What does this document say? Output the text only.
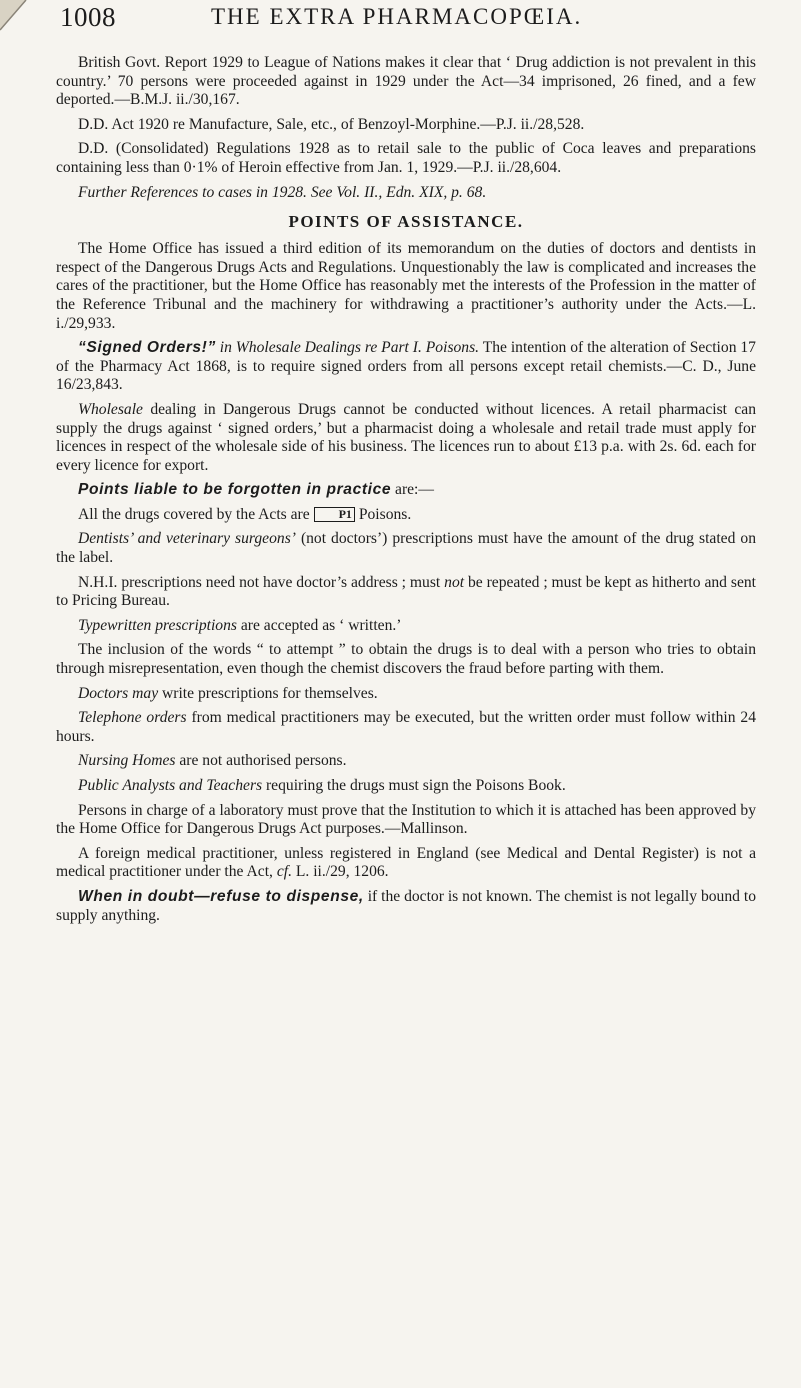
1008	THE EXTRA PHARMACOPŒIA.

British Govt. Report 1929 to League of Nations makes it clear that ‘ Drug addiction is not prevalent in this country.’ 70 persons were proceeded against in 1929 under the Act—34 imprisoned, 26 fined, and a few deported.—B.M.J. ii./30,167.

D.D. Act 1920 re Manufacture, Sale, etc., of Benzoyl-Morphine.—P.J. ii./28,528.

D.D. (Consolidated) Regulations 1928 as to retail sale to the public of Coca leaves and preparations containing less than 0·1% of Heroin effective from Jan. 1, 1929.—P.J. ii./28,604.

Further References to cases in 1928. See Vol. II., Edn. XIX, p. 68.

POINTS OF ASSISTANCE.

The Home Office has issued a third edition of its memorandum on the duties of doctors and dentists in respect of the Dangerous Drugs Acts and Regulations. Unquestionably the law is complicated and increases the cares of the practitioner, but the Home Office has reasonably met the interests of the Profession in the matter of the Reference Tribunal and the machinery for withdrawing a practitioner’s authority under the Acts.—L. i./29,933.

“Signed Orders!” in Wholesale Dealings re Part I. Poisons. The intention of the alteration of Section 17 of the Pharmacy Act 1868, is to require signed orders from all persons except retail chemists.—C. D., June 16/23,843.

Wholesale dealing in Dangerous Drugs cannot be conducted without licences. A retail pharmacist can supply the drugs against ‘ signed orders,’ but a pharmacist doing a wholesale and retail trade must apply for licences in respect of the wholesale side of his business. The licences run to about £13 p.a. with 2s. 6d. each for every licence for export.

Points liable to be forgotten in practice are:—

All the drugs covered by the Acts are P1 Poisons.

Dentists’ and veterinary surgeons’ (not doctors’) prescriptions must have the amount of the drug stated on the label.

N.H.I. prescriptions need not have doctor’s address ; must not be repeated ; must be kept as hitherto and sent to Pricing Bureau.

Typewritten prescriptions are accepted as ‘ written.’

The inclusion of the words “ to attempt ” to obtain the drugs is to deal with a person who tries to obtain through misrepresentation, even though the chemist discovers the fraud before parting with them.

Doctors may write prescriptions for themselves.

Telephone orders from medical practitioners may be executed, but the written order must follow within 24 hours.

Nursing Homes are not authorised persons.

Public Analysts and Teachers requiring the drugs must sign the Poisons Book.

Persons in charge of a laboratory must prove that the Institution to which it is attached has been approved by the Home Office for Dangerous Drugs Act purposes.—Mallinson.

A foreign medical practitioner, unless registered in England (see Medical and Dental Register) is not a medical practitioner under the Act, cf. L. ii./29, 1206.

When in doubt—refuse to dispense, if the doctor is not known. The chemist is not legally bound to supply anything.
